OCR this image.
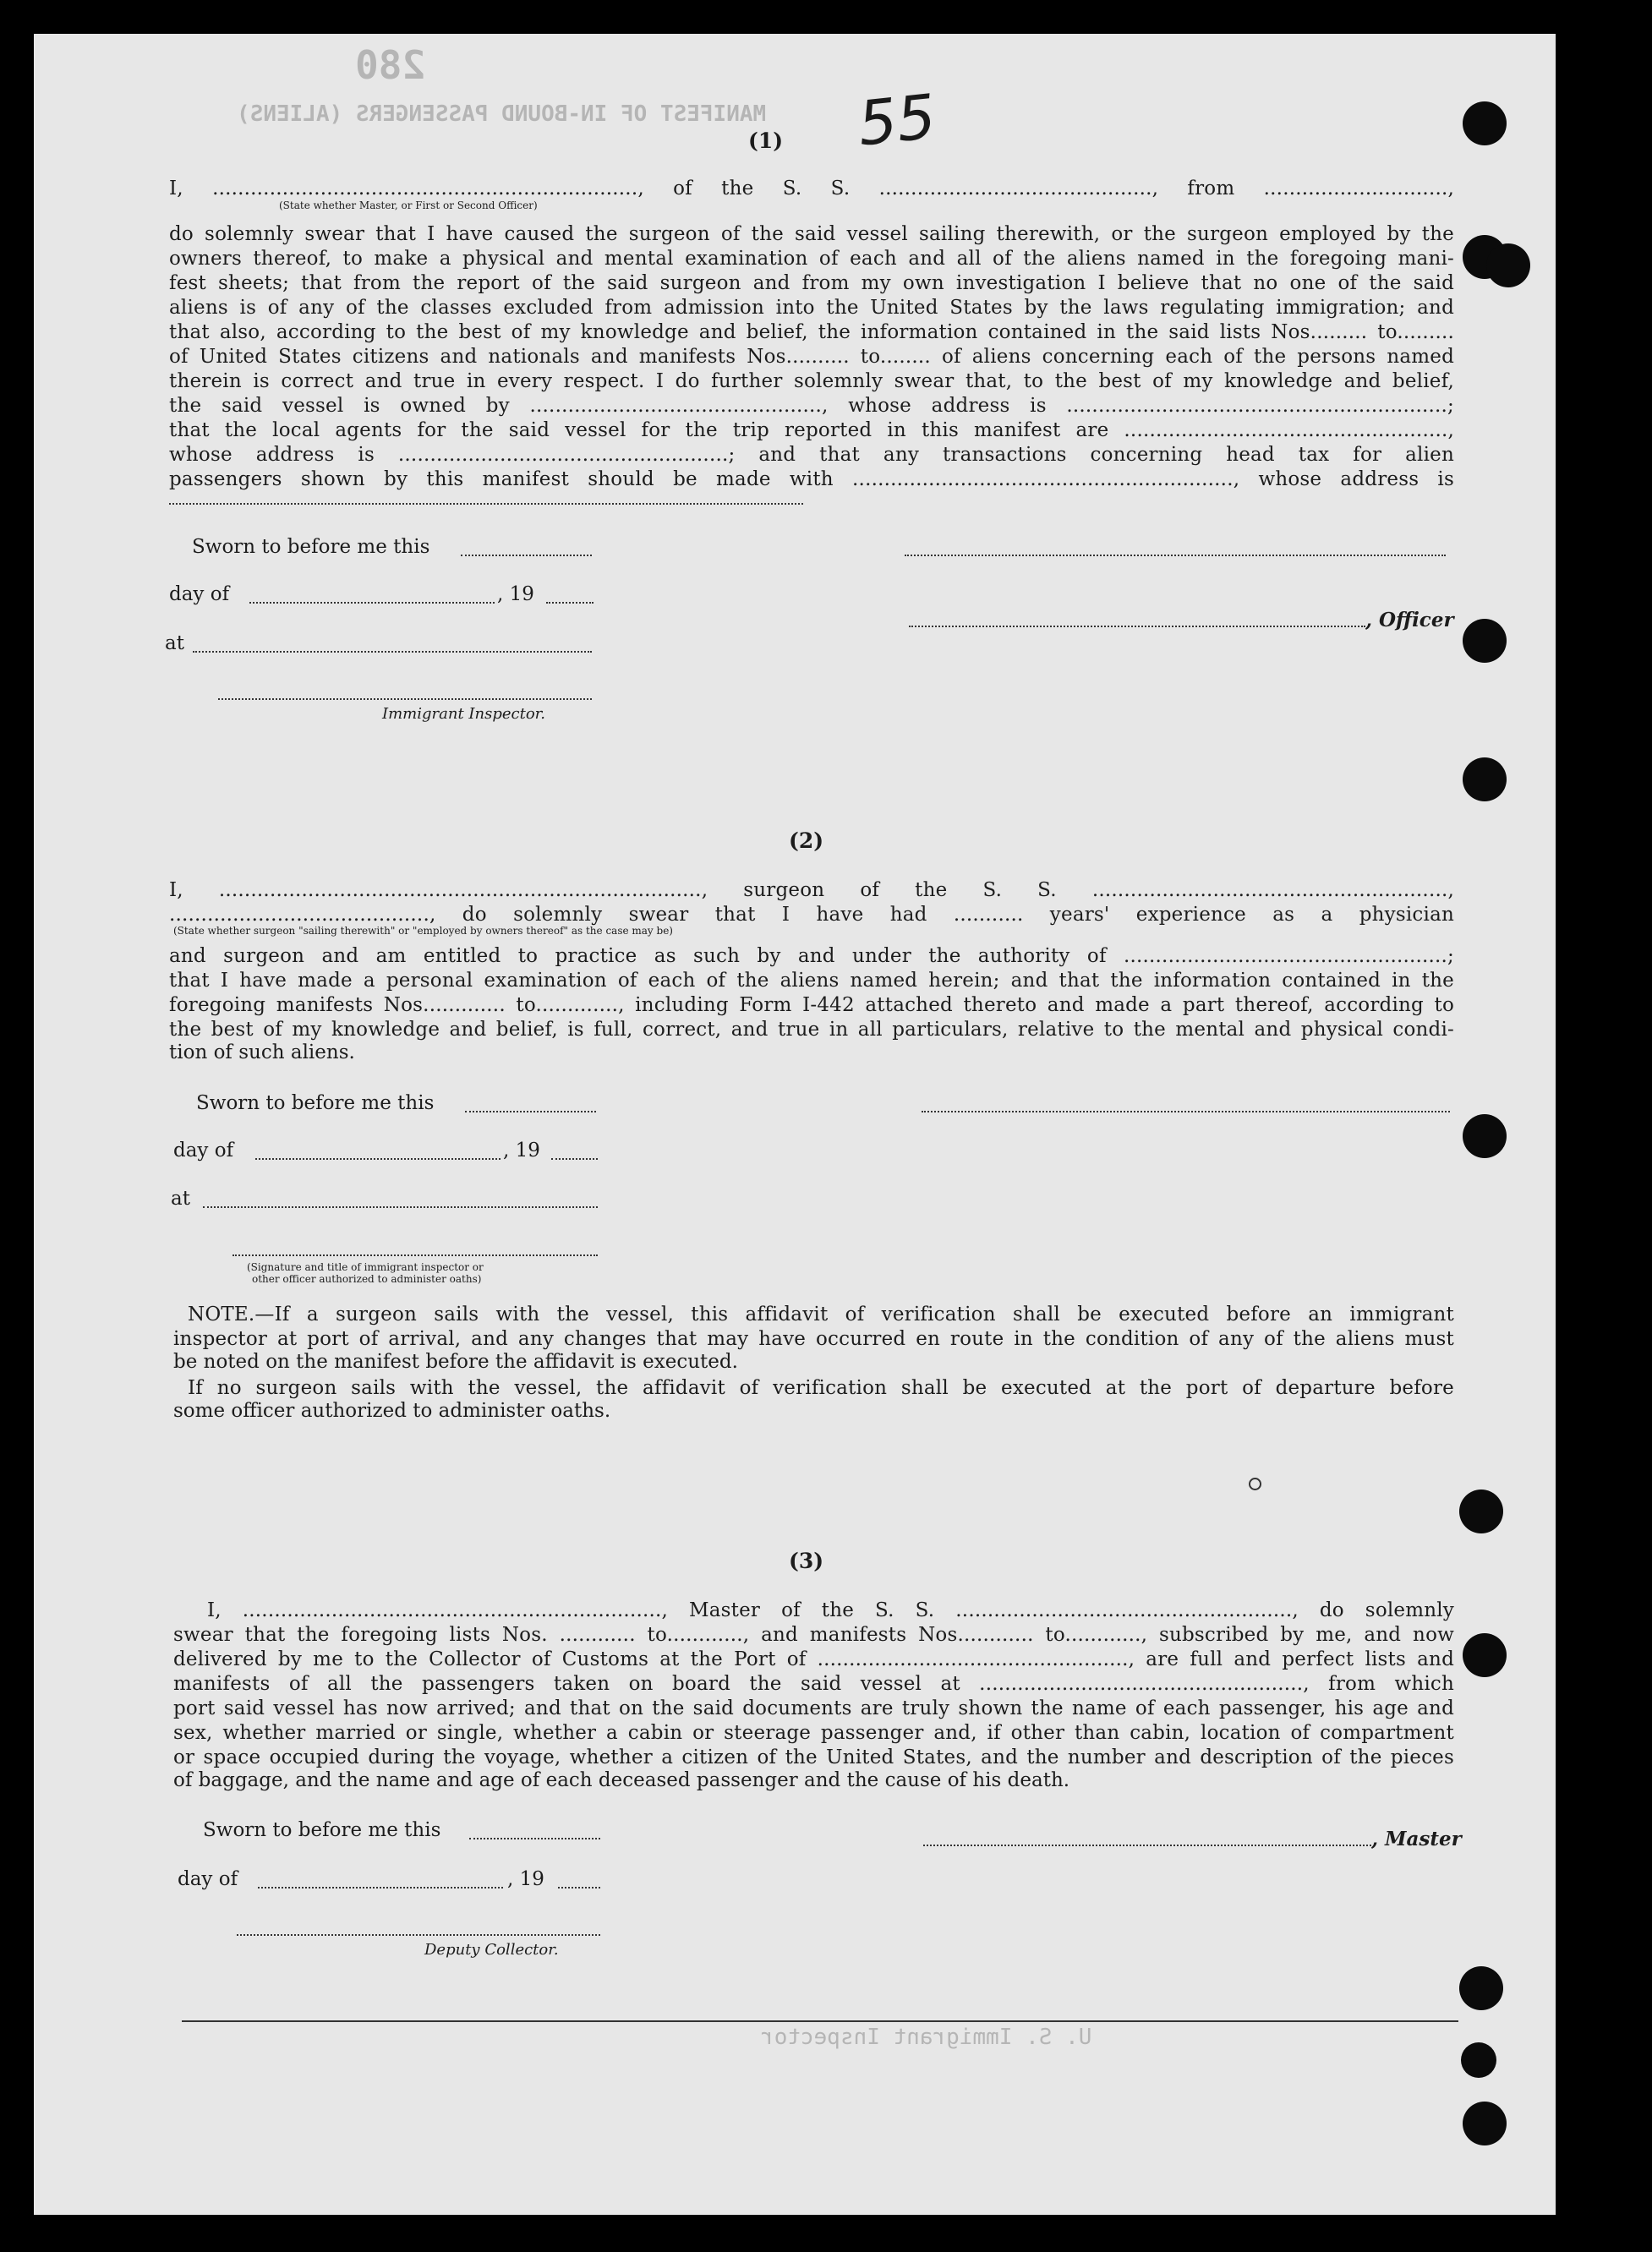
280
MANIFEST OF IN-BOUND PASSENGERS (ALIENS)
U. S. Immigrant Inspector
55
(1)
I, ..................................................................., of the S. S. ..........................................., from .............................,
(State whether Master, or First or Second Officer)
do solemnly swear that I have caused the surgeon of the said vessel sailing therewith, or the surgeon employed by the
owners thereof, to make a physical and mental examination of each and all of the aliens named in the foregoing mani-
fest sheets; that from the report of the said surgeon and from my own investigation I believe that no one of the said
aliens is of any of the classes excluded from admission into the United States by the laws regulating immigration; and
that also, according to the best of my knowledge and belief, the information contained in the said lists Nos......... to.........
of United States citizens and nationals and manifests Nos.......... to........ of aliens concerning each of the persons named
therein is correct and true in every respect. I do further solemnly swear that, to the best of my knowledge and belief,
the said vessel is owned by .............................................., whose address is ............................................................;
that the local agents for the said vessel for the trip reported in this manifest are ...................................................,
whose address is ....................................................; and that any transactions concerning head tax for alien
passengers shown by this manifest should be made with ............................................................, whose address is
Sworn to before me this
day of	, 19
, Officer
at
Immigrant Inspector.
(2)
I, ............................................................................, surgeon of the S. S. ........................................................,
........................................., do solemnly swear that I have had ........... years' experience as a physician
(State whether surgeon "sailing therewith" or "employed by owners thereof" as the case may be)
and surgeon and am entitled to practice as such by and under the authority of ...................................................;
that I have made a personal examination of each of the aliens named herein; and that the information contained in the
foregoing manifests Nos............. to............., including Form I-442 attached thereto and made a part thereof, according to
the best of my knowledge and belief, is full, correct, and true in all particulars, relative to the mental and physical condi-
tion of such aliens.
Sworn to before me this
day of	, 19
at
(Signature and title of immigrant inspector or
other officer authorized to administer oaths)
NOTE.—If a surgeon sails with the vessel, this affidavit of verification shall be executed before an immigrant
inspector at port of arrival, and any changes that may have occurred en route in the condition of any of the aliens must
be noted on the manifest before the affidavit is executed.
If no surgeon sails with the vessel, the affidavit of verification shall be executed at the port of departure before
some officer authorized to administer oaths.
(3)
I, .................................................................., Master of the S. S. ....................................................., do solemnly
swear that the foregoing lists Nos. ............ to............, and manifests Nos............ to............, subscribed by me, and now
delivered by me to the Collector of Customs at the Port of ................................................., are full and perfect lists and
manifests of all the passengers taken on board the said vessel at ..................................................., from which
port said vessel has now arrived; and that on the said documents are truly shown the name of each passenger, his age and
sex, whether married or single, whether a cabin or steerage passenger and, if other than cabin, location of compartment
or space occupied during the voyage, whether a citizen of the United States, and the number and description of the pieces
of baggage, and the name and age of each deceased passenger and the cause of his death.
Sworn to before me this	, Master
day of	, 19
Deputy Collector.
